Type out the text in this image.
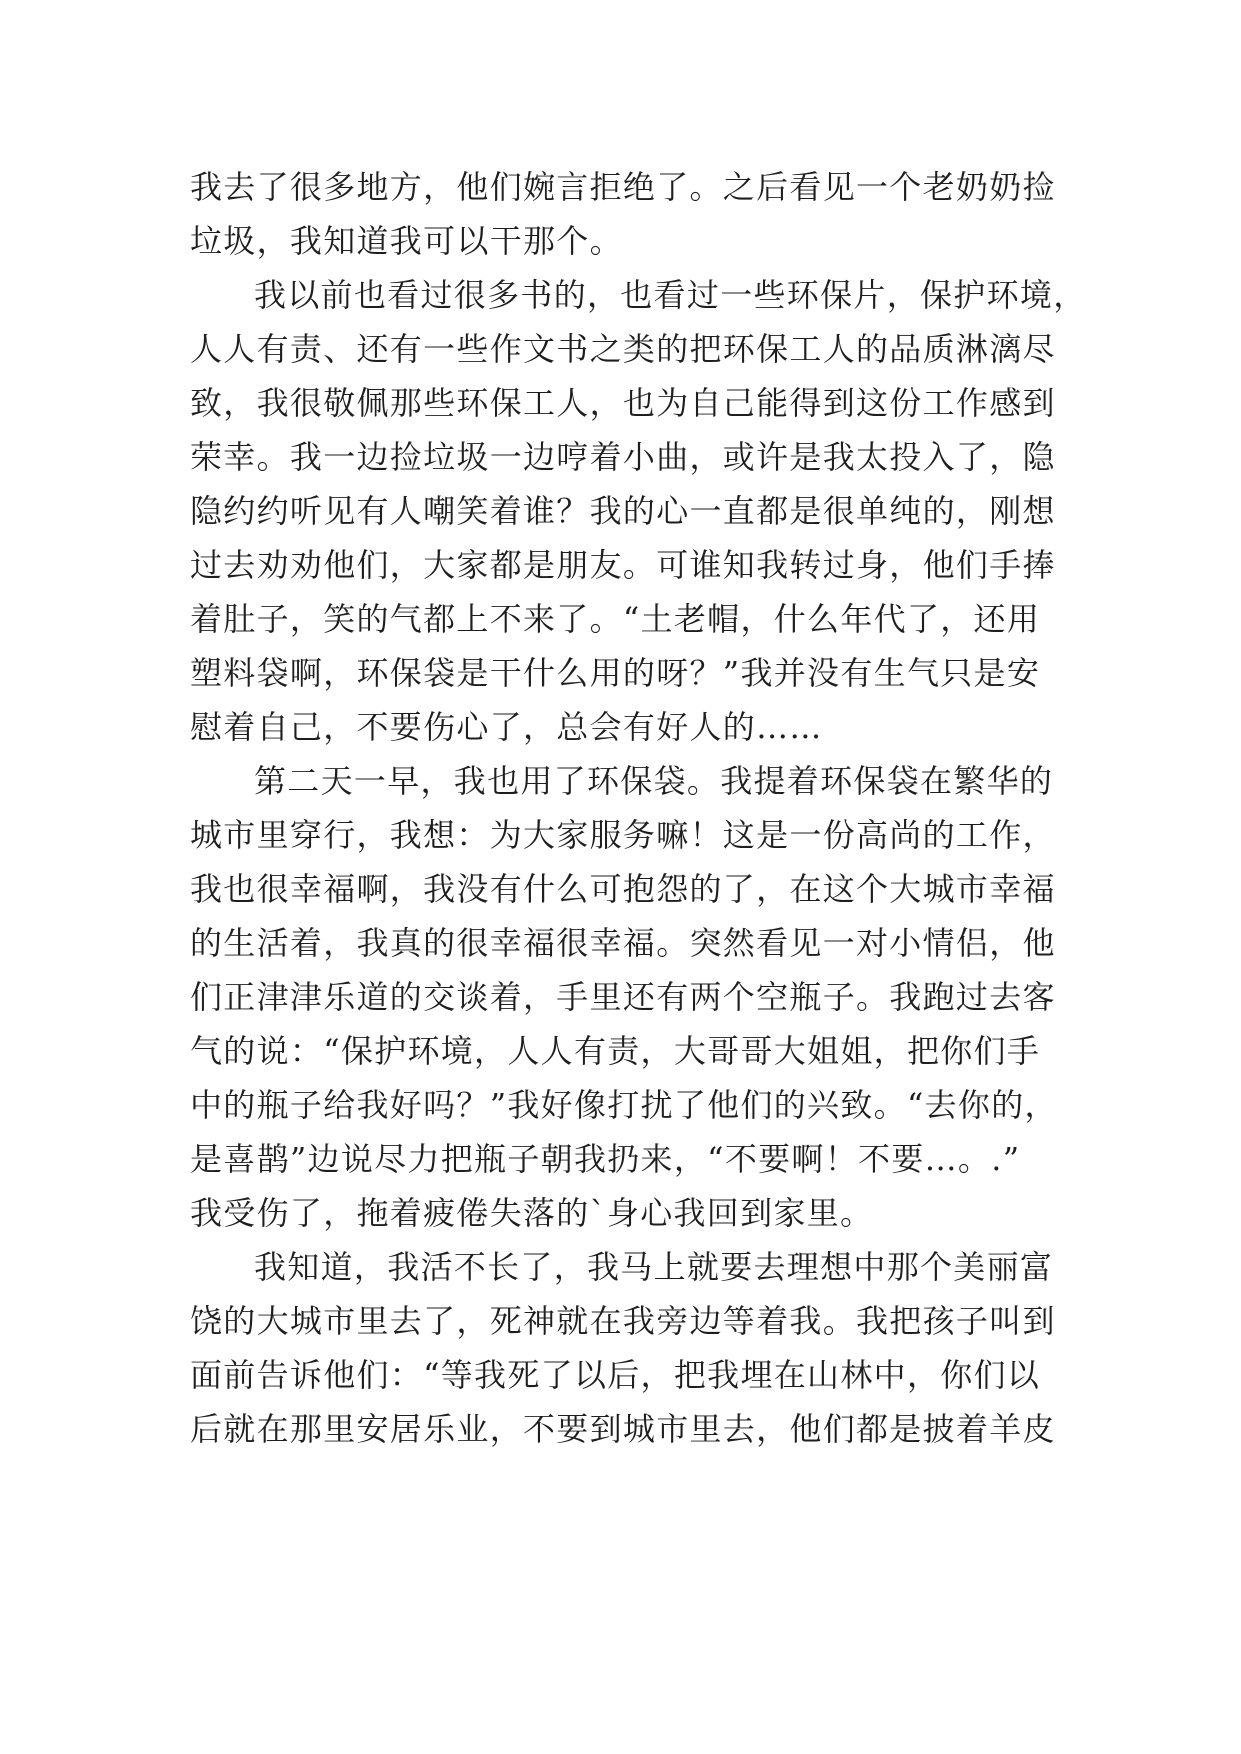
我去了很多地方，他们婉言拒绝了。之后看见一个老奶奶捡
垃圾，我知道我可以干那个。
我以前也看过很多书的，也看过一些环保片，保护环境，
人人有责、还有一些作文书之类的把环保工人的品质淋漓尽
致，我很敬佩那些环保工人，也为自己能得到这份工作感到
荣幸。我一边捡垃圾一边哼着小曲，或许是我太投入了，隐
隐约约听见有人嘲笑着谁？我的心一直都是很单纯的，刚想
过去劝劝他们，大家都是朋友。可谁知我转过身，他们手捧
着肚子，笑的气都上不来了。“土老帽，什么年代了，还用
塑料袋啊，环保袋是干什么用的呀？”我并没有生气只是安
慰着自己，不要伤心了，总会有好人的……
第二天一早，我也用了环保袋。我提着环保袋在繁华的
城市里穿行，我想：为大家服务嘛！这是一份高尚的工作，
我也很幸福啊，我没有什么可抱怨的了，在这个大城市幸福
的生活着，我真的很幸福很幸福。突然看见一对小情侣，他
们正津津乐道的交谈着，手里还有两个空瓶子。我跑过去客
气的说：“保护环境，人人有责，大哥哥大姐姐，把你们手
中的瓶子给我好吗？”我好像打扰了他们的兴致。“去你的，
是喜鹊”边说尽力把瓶子朝我扔来，“不要啊！不要…。.”
我受伤了，拖着疲倦失落的`身心我回到家里。
我知道，我活不长了，我马上就要去理想中那个美丽富
饶的大城市里去了，死神就在我旁边等着我。我把孩子叫到
面前告诉他们：“等我死了以后，把我埋在山林中，你们以
后就在那里安居乐业，不要到城市里去，他们都是披着羊皮
